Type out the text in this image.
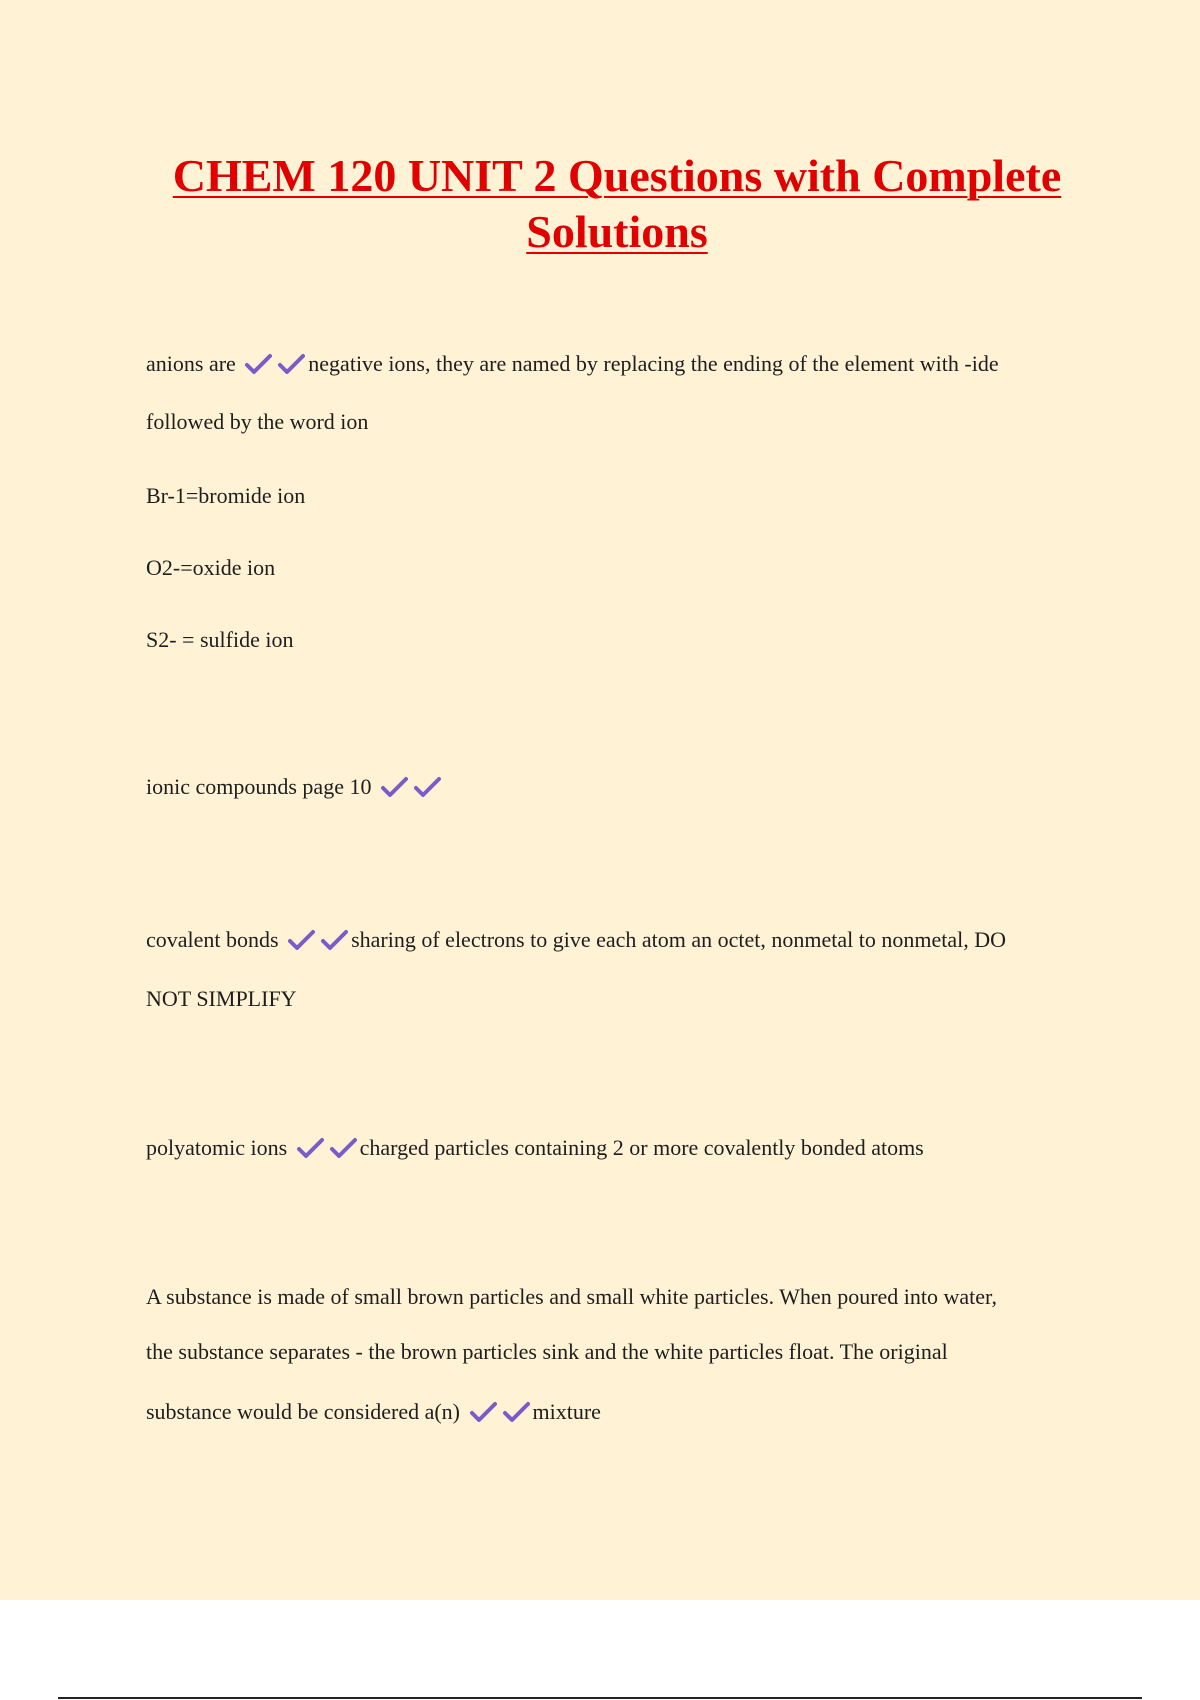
CHEM 120 UNIT 2 Questions with Complete Solutions

anions are	negative ions, they are named by replacing the ending of the element with -ide

followed by the word ion

Br-1=bromide ion

O2-=oxide ion

S2- = sulfide ion

ionic compounds page 10

covalent bonds	sharing of electrons to give each atom an octet, nonmetal to nonmetal, DO

NOT SIMPLIFY

polyatomic ions	charged particles containing 2 or more covalently bonded atoms

A substance is made of small brown particles and small white particles. When poured into water,

the substance separates - the brown particles sink and the white particles float. The original

substance would be considered a(n)	mixture
